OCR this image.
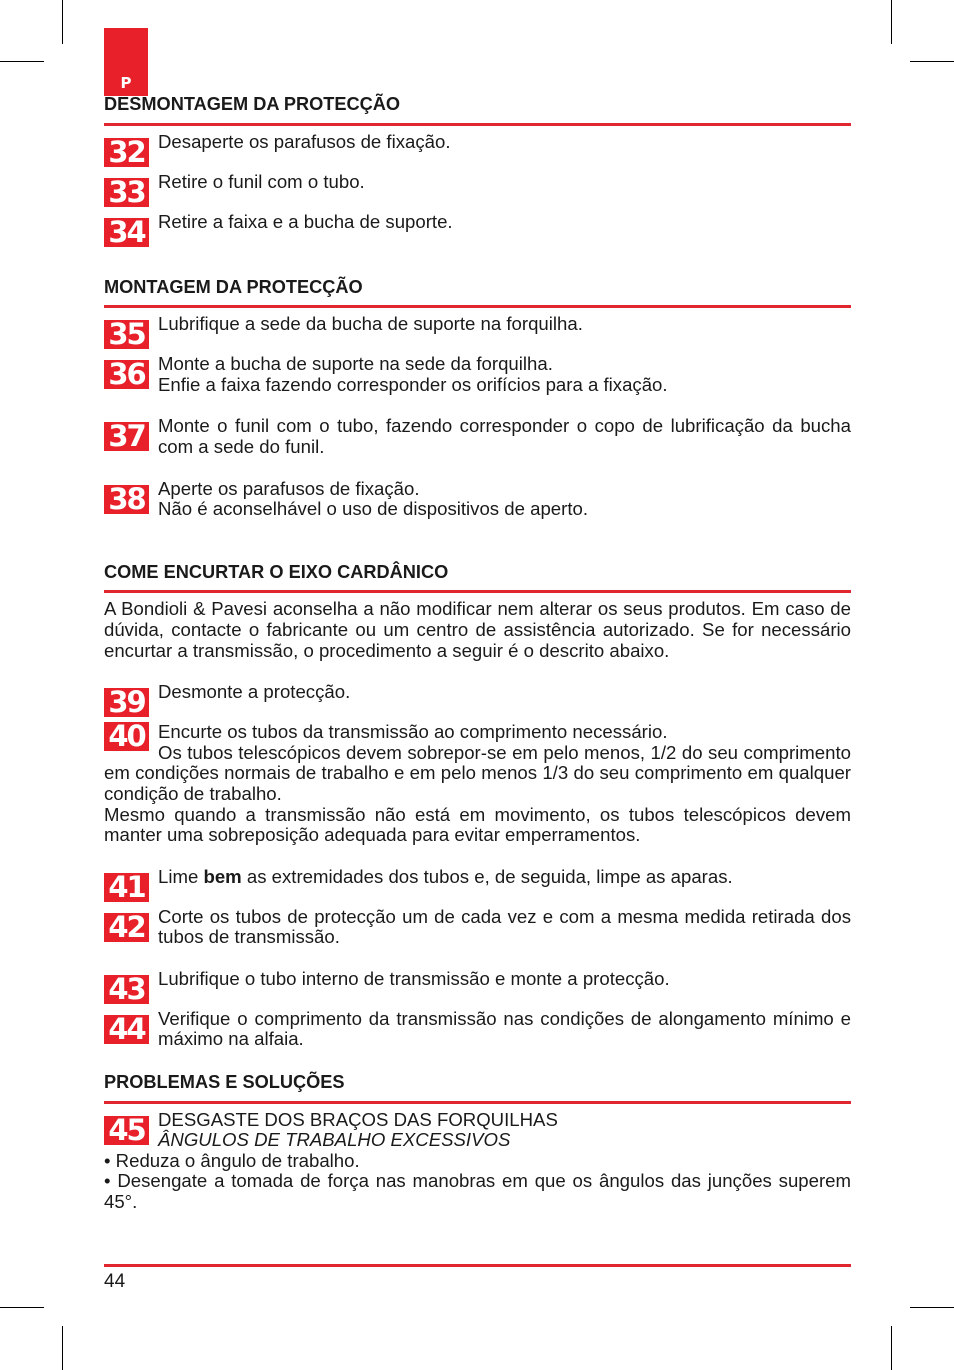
P
DESMONTAGEM DA PROTECÇÃO
32 Desaperte os parafusos de fixação.
33 Retire o funil com o tubo.
34 Retire a faixa e a bucha de suporte.
MONTAGEM DA PROTECÇÃO
35 Lubrifique a sede da bucha de suporte na forquilha.
36 Monte a bucha de suporte na sede da forquilha.
Enfie a faixa fazendo corresponder os orifícios para a fixação.
37 Monte o funil com o tubo, fazendo corresponder o copo de lubrificação da bucha com a sede do funil.
38 Aperte os parafusos de fixação.
Não é aconselhável o uso de dispositivos de aperto.
COME ENCURTAR O EIXO CARDÂNICO
A Bondioli & Pavesi aconselha a não modificar nem alterar os seus produtos. Em caso de dúvida, contacte o fabricante ou um centro de assistência autorizado. Se for necessário encurtar a transmissão, o procedimento a seguir é o descrito abaixo.
39 Desmonte a protecção.
40 Encurte os tubos da transmissão ao comprimento necessário.
Os tubos telescópicos devem sobrepor-se em pelo menos, 1/2 do seu comprimento em condições normais de trabalho e em pelo menos 1/3 do seu comprimento em qualquer condição de trabalho.
Mesmo quando a transmissão não está em movimento, os tubos telescópicos devem manter uma sobreposição adequada para evitar emperramentos.
41 Lime bem as extremidades dos tubos e, de seguida, limpe as aparas.
42 Corte os tubos de protecção um de cada vez e com a mesma medida retirada dos tubos de transmissão.
43 Lubrifique o tubo interno de transmissão e monte a protecção.
44 Verifique o comprimento da transmissão nas condições de alongamento mínimo e máximo na alfaia.
PROBLEMAS E SOLUÇÕES
45 DESGASTE DOS BRAÇOS DAS FORQUILHAS
ÂNGULOS DE TRABALHO EXCESSIVOS
• Reduza o ângulo de trabalho.
• Desengate a tomada de força nas manobras em que os ângulos das junções superem 45°.
44
